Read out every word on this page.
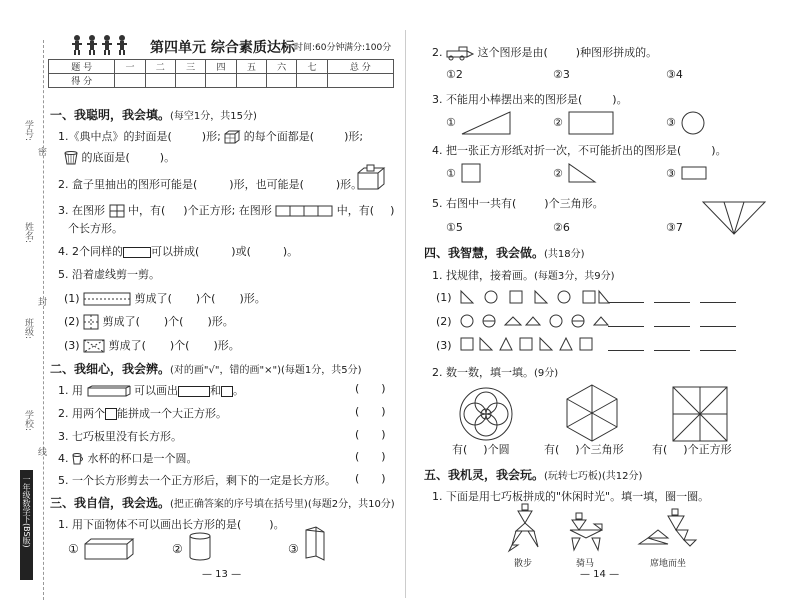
学号:
密
姓名:
封
班级:
学校:
线
一年级数学下(BS版)
第四单元 综合素质达标 时间:60分钟 满分:100分
题 号	一	二	三	四	五	六	七	总 分
得 分								
一、我聪明，我会填。(每空1分，共15分)
1.《典中点》的封面是(	)形; 的每个面都是(	)形;
的底面是(	)。
2. 盒子里抽出的图形可能是(	)形，也可能是(	)形。
3. 在图形 中，有( )个正方形; 在图形	中，有( )
个长方形。
4. 2个同样的	可以拼成(	)或(	)。
5. 沿着虚线剪一剪。
(1)	剪成了( )个( )形。
(2) 剪成了( )个( )形。
(3)	剪成了( )个( )形。
二、我细心，我会辨。(对的画"√"，错的画"×")(每题1分，共5分)
1. 用	可以画出	和 。
2. 用两个 能拼成一个大正方形。
3. 七巧板里没有长方形。
4. 水杯的杯口是一个圆。
5. 一个长方形剪去一个正方形后，剩下的一定是长方形。
( )
( )
( )
( )
( )
三、我自信，我会选。(把正确答案的序号填在括号里)(每题2分，共10分)
1. 用下面物体不可以画出长方形的是(	)。
①	②	③
— 13 —
2.	这个图形是由(	)种图形拼成的。
①2	②3	③4
3. 不能用小棒摆出来的图形是(	)。
①	②	③
4. 把一张正方形纸对折一次，不可能折出的图形是(	)。
①	②	③
5. 右图中一共有(	)个三角形。
①5	②6	③7
四、我智慧，我会做。(共18分)
1. 找规律，接着画。(每题3分，共9分)
(1)
(2)
(3)
2. 数一数，填一填。(9分)
有( )个圆	有( )个三角形	有( )个正方形
五、我机灵，我会玩。(玩转七巧板)(共12分)
1. 下面是用七巧板拼成的"休闲时光"。填一填，圈一圈。
散步	骑马	席地而坐
— 14 —
